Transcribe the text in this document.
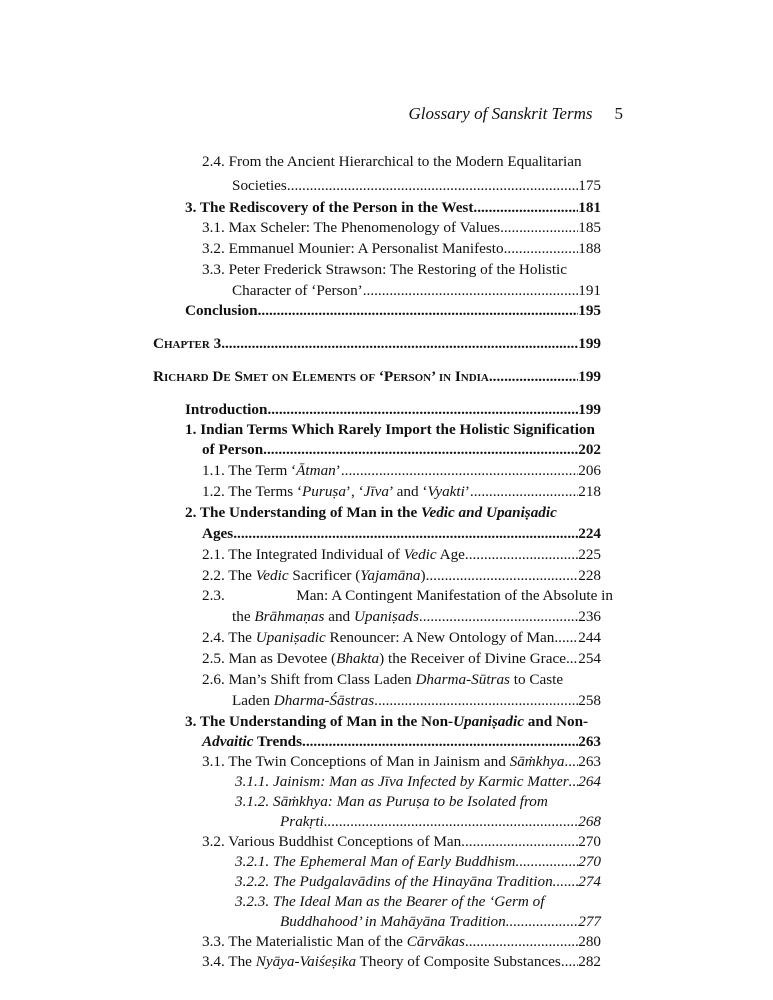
Glossary of Sanskrit Terms 5
2.4. From the Ancient Hierarchical to the Modern Equalitarian
Societies .....	175
3. The Rediscovery of the Person in the West .....	181
3.1. Max Scheler: The Phenomenology of Values .....	185
3.2. Emmanuel Mounier: A Personalist Manifesto .....	188
3.3. Peter Frederick Strawson: The Restoring of the Holistic
Character of ‘Person’ .....	191
Conclusion .....	195
Chapter 3 .....	199
Richard De Smet on Elements of ‘Person’ in India .....	199
Introduction .....	199
1. Indian Terms Which Rarely Import the Holistic Signification
of Person .....	202
1.1. The Term ‘Ātman’ .....	206
1.2. The Terms ‘Puruṣa’, ‘Jīva’ and ‘Vyakti’ .....	218
2. The Understanding of Man in the Vedic and Upaniṣadic
Ages .....	224
2.1. The Integrated Individual of Vedic Age .....	225
2.2. The Vedic Sacrificer (Yajamāna) .....	228
2.3.	Man: A Contingent Manifestation of the Absolute in
the Brāhmaṇas and Upaniṣads .....	236
2.4. The Upaniṣadic Renouncer: A New Ontology of Man ..... 244
2.5. Man as Devotee (Bhakta) the Receiver of Divine Grace ..... 254
2.6. Man’s Shift from Class Laden Dharma-Sūtras to Caste
Laden Dharma-Śāstras .....	258
3. The Understanding of Man in the Non-Upaniṣadic and Non-
Advaitic Trends .....	263
3.1. The Twin Conceptions of Man in Jainism and Sāṁkhya ..... 263
3.1.1. Jainism: Man as Jīva Infected by Karmic Matter ..... 264
3.1.2. Sāṁkhya: Man as Puruṣa to be Isolated from
Prakṛti .....	268
3.2. Various Buddhist Conceptions of Man .....	270
3.2.1. The Ephemeral Man of Early Buddhism .....	270
3.2.2. The Pudgalavādins of the Hinayāna Tradition ..... 274
3.2.3. The Ideal Man as the Bearer of the ‘Germ of
Buddhahood’ in Mahāyāna Tradition .....	277
3.3. The Materialistic Man of the Cārvākas .....	280
3.4. The Nyāya-Vaiśeṣika Theory of Composite Substances ..... 282
